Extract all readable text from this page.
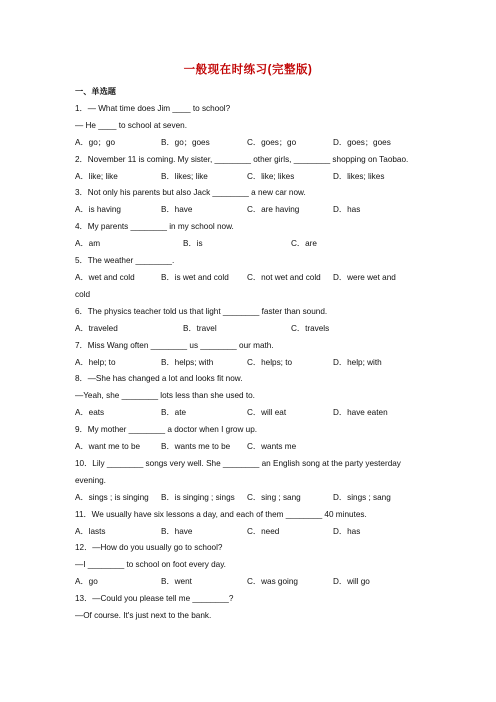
一般现在时练习(完整版)
一、单选题
1．— What time does Jim ____ to school?
— He ____ to school at seven.
A．go；go	B．go；goes	C．goes；go	D．goes；goes
2．November 11 is coming. My sister, ________ other girls, ________ shopping on Taobao.
A．like; like	B．likes; like	C．like; likes	D．likes; likes
3．Not only his parents but also Jack ________ a new car now.
A．is having	B．have	C．are having	D．has
4．My parents ________ in my school now.
A．am	B．is	C．are
5．The weather ________.
A．wet and cold	B．is wet and cold	C．not wet and cold	D．were wet and
cold
6．The physics teacher told us that light ________ faster than sound.
A．traveled	B．travel	C．travels
7．Miss Wang often ________ us ________ our math.
A．help; to	B．helps; with	C．helps; to	D．help; with
8．—She has changed a lot and looks fit now.
—Yeah, she ________ lots less than she used to.
A．eats	B．ate	C．will eat	D．have eaten
9．My mother ________ a doctor when I grow up.
A．want me to be	B．wants me to be	C．wants me
10．Lily ________ songs very well. She ________ an English song at the party yesterday evening.
A．sings ; is singing	B．is singing ; sings	C．sing ; sang	D．sings ; sang
11．We usually have six lessons a day, and each of them ________ 40 minutes.
A．lasts	B．have	C．need	D．has
12．—How do you usually go to school?
—I ________ to school on foot every day.
A．go	B．went	C．was going	D．will go
13．—Could you please tell me ________?
—Of course. It's just next to the bank.
